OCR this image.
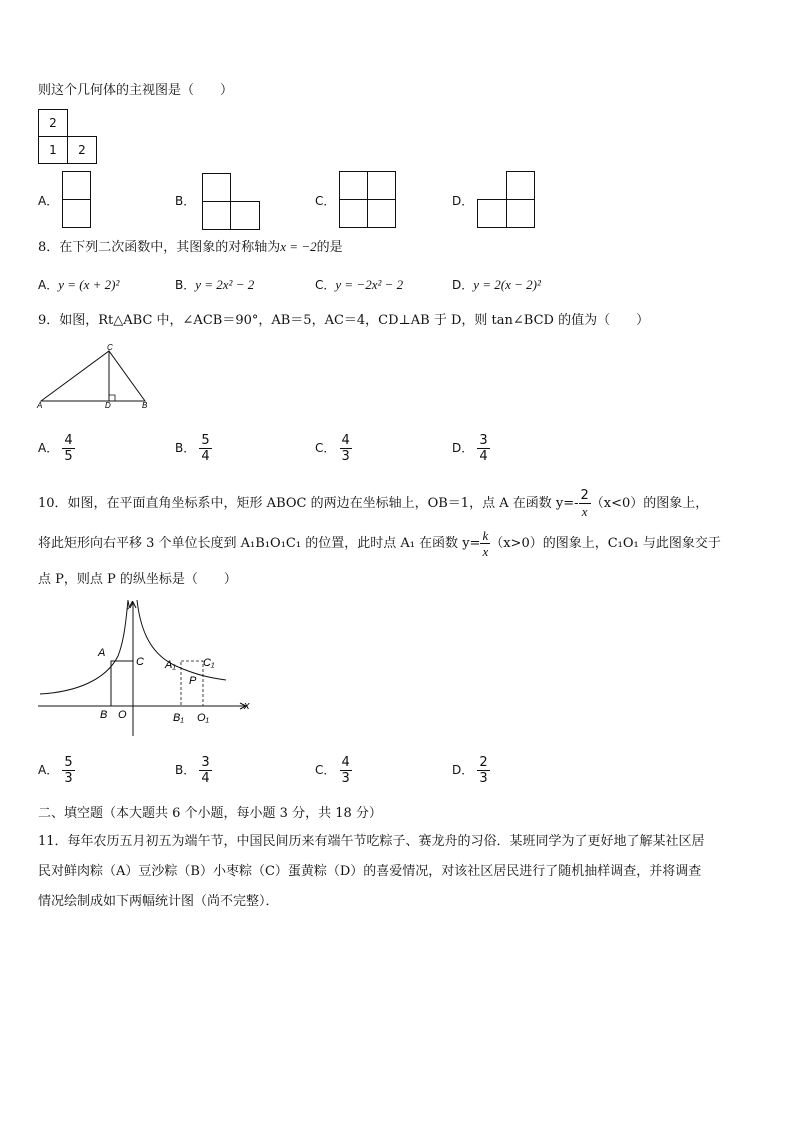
则这个几何体的主视图是（　　）
2
1	2
A．	B．	C．	D．
8．在下列二次函数中，其图象的对称轴为x = −2的是
A．y = (x + 2)²	B．y = 2x² − 2	C．y = −2x² − 2	D．y = 2(x − 2)²
9．如图，Rt△ABC 中，∠ACB＝90°，AB＝5，AC＝4，CD⊥AB 于 D，则 tan∠BCD 的值为（　　）
C
A	D	B
A． $\frac{4}{5}$	B． $\frac{5}{4}$	C． $\frac{4}{3}$	D． $\frac{3}{4}$
10．如图，在平面直角坐标系中，矩形 ABOC 的两边在坐标轴上，OB＝1，点 A 在函数 $y=- \frac{2}{x} (x<0)$的图象上，
将此矩形向右平移 3 个单位长度到 A₁B₁O₁C₁ 的位置，此时点 A₁ 在函数 $y= \frac{k}{x} (x>0)$的图象上，C₁O₁ 与此图象交于
点 P，则点 P 的纵坐标是（　　）
y
x
A
C
B O
A₁ C₁
P
B₁ O₁
A． $\frac{5}{3}$	B． $\frac{3}{4}$	C． $\frac{4}{3}$	D． $\frac{2}{3}$
二、填空题（本大题共 6 个小题，每小题 3 分，共 18 分）
11．每年农历五月初五为端午节，中国民间历来有端午节吃粽子、赛龙舟的习俗．某班同学为了更好地了解某社区居
民对鲜肉粽（A）豆沙粽（B）小枣粽（C）蛋黄粽（D）的喜爱情况，对该社区居民进行了随机抽样调查，并将调查
情况绘制成如下两幅统计图（尚不完整）．
